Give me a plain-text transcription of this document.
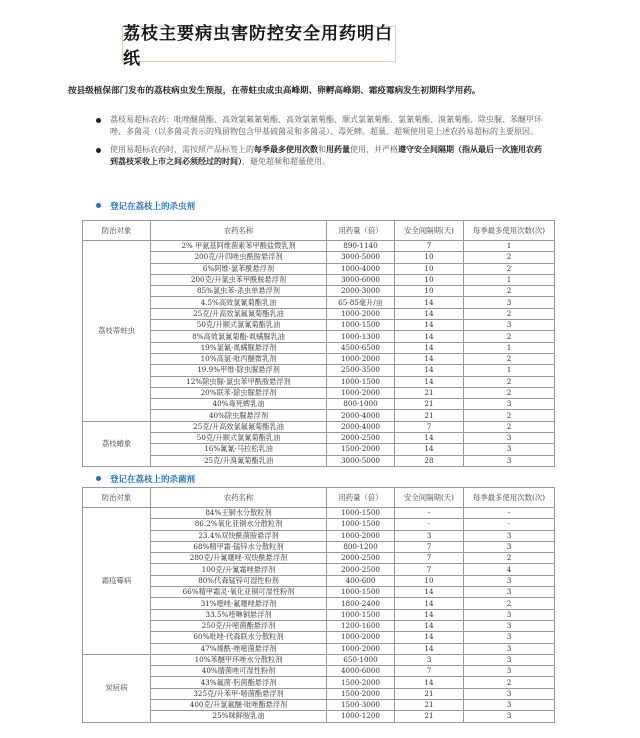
荔枝主要病虫害防控安全用药明白纸
按县级植保部门发布的荔枝病虫发生预报，在蒂蛀虫成虫高峰期、卵孵高峰期、霜疫霉病发生初期科学用药。
荔枝易超标农药：吡唑醚菌酯、高效氯氟氰菊酯、高效氯氰菊酯、顺式氯氰菊酯、氯氰菊酯、溴氰菊酯、除虫脲、苯醚甲环唑、多菌灵（以多菌灵表示的残留物包含甲基硫菌灵和多菌灵）、毒死蜱。超量、超频使用是上述农药易超标的主要原因。
使用易超标农药时，需按照产品标签上的每季最多使用次数和用药量使用，并严格遵守安全间隔期（指从最后一次施用农药到荔枝采收上市之间必须经过的时间），避免超频和超量使用。
登记在荔枝上的杀虫剂
防治对象	农药名称	用药量（倍）	安全间隔期(天)	每季最多使用次数(次)
荔枝蒂蛀虫	2% 甲氨基阿维菌素苯甲酸盐微乳剂	890-1140	7	1
	200克/升四唑虫酰胺悬浮剂	3000-5000	10	2
	6%阿维·氯苯酰悬浮剂	1000-4000	10	2
	200克/升氯虫苯甲酰胺悬浮剂	3000-6000	10	1
	85%氯虫苯·杀虫单悬浮剂	2000-3000	10	2
	4.5%高效氯氰菊酯乳油	65-85毫升/亩	14	3
	25克/升高效氯氟氰菊酯乳油	1000-2000	14	2
	50克/升顺式氯氰菊酯乳油	1000-1500	14	3
	8%高效氯氰菊酯·虱螨脲乳油	1000-1300	14	2
	19%氯氰·虱螨脲悬浮剂	4500-6500	14	1
	10%高氯·吡丙醚微乳剂	1000-2000	14	2
	19.9%甲维·除虫脲悬浮剂	2500-3500	14	1
	12%除虫脲·氯虫苯甲酰胺悬浮剂	1000-1500	14	2
	20%联苯·除虫脲悬浮剂	1000-2000	21	2
	40%毒死蜱乳油	800-1000	21	3
	40%除虫脲悬浮剂	2000-4000	21	2
荔枝蝽象	25克/升高效氯氟氰菊酯乳油	2000-4000	7	2
	50克/升顺式氯氰菊酯乳油	2000-2500	14	3
	16%氰氰·马拉松乳油	1500-2000	14	3
	25克/升溴氰菊酯乳油	3000-5000	28	3
登记在荔枝上的杀菌剂
防治对象	农药名称	用药量（倍）	安全间隔期(天)	每季最多使用次数(次)
霜疫霉病	84%王铜水分散粒剂	1000-1500	-	-
	86.2%氧化亚铜水分散粒剂	1000-1500	-	-
	23.4%双炔酰菌胺悬浮剂	1000-2000	3	3
	68%精甲霜·锰锌水分散粒剂	800-1200	7	3
	280克/升氰噻唑·双炔酰悬浮剂	2000-2500	7	2
	100克/升氰霜唑悬浮剂	2000-2500	7	4
	80%代森锰锌可湿性粉剂	400-600	10	3
	66%精甲霜灵·氧化亚铜可湿性粉剂	1000-1500	14	3
	31%噁唑·氟噻唑悬浮剂	1800-2400	14	2
	33.5%喹啉铜悬浮剂	1000-1500	14	3
	250克/升嘧菌酯悬浮剂	1200-1600	14	3
	60%吡唑·代森联水分散粒剂	1000-2000	14	3
	47%烯酰·唑嘧菌悬浮剂	1000-2000	14	3
炭疽病	10%苯醚甲环唑水分散粒剂	650-1000	3	3
	40%腈菌唑可湿性粉剂	4000-6000	7	3
	43%氟菌·肟菌酯悬浮剂	1500-2000	14	2
	325克/升苯甲·嘧菌酯悬浮剂	1500-2000	21	3
	400克/升氯氟醚·吡唑酯悬浮剂	1500-3000	21	3
	25%咪鲜胺乳油	1000-1200	21	3
